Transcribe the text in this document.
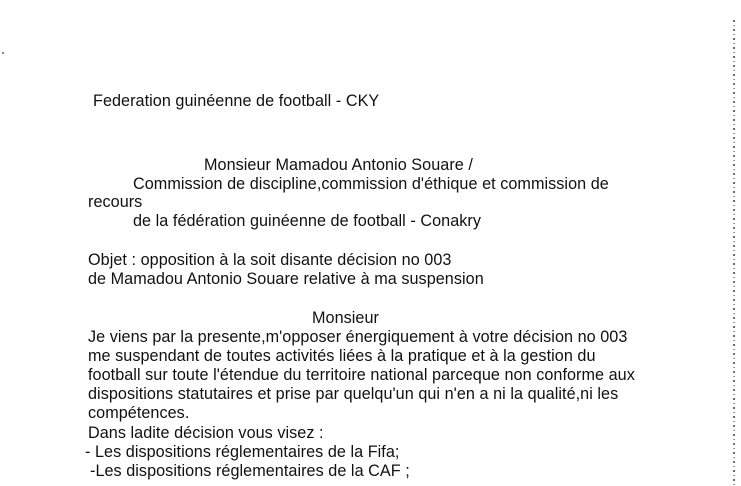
Federation guinéenne de football - CKY
Monsieur Mamadou Antonio Souare /
Commission de discipline,commission d'éthique et commission de
recours
de la fédération guinéenne de football - Conakry
Objet : opposition à la soit disante décision no 003
de Mamadou Antonio Souare relative à ma suspension
Monsieur
Je viens par la presente,m'opposer énergiquement à votre décision no 003
me suspendant de toutes activités liées à la pratique et à la gestion du
football sur toute l'étendue du territoire national parceque non conforme aux
dispositions statutaires et prise par quelqu'un qui n'en a ni la qualité,ni les
compétences.
Dans ladite décision vous visez :
- Les dispositions réglementaires de la Fifa;
-Les dispositions réglementaires de la CAF ;
